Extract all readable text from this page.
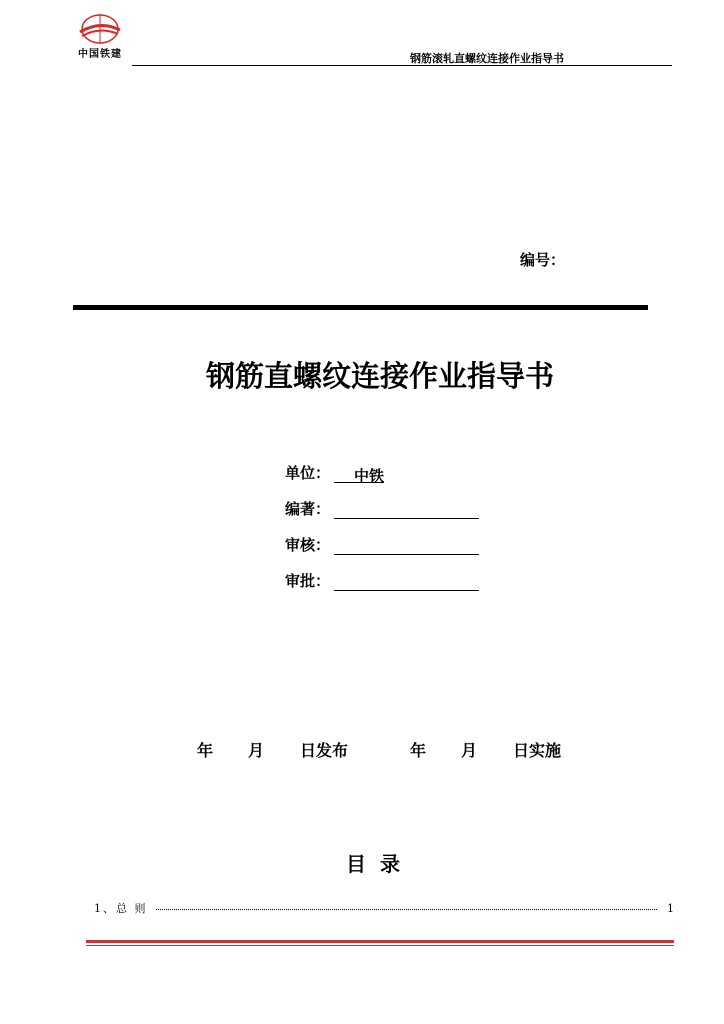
中国铁建	钢筋滚轧直螺纹连接作业指导书
编号：
钢筋直螺纹连接作业指导书
单位： 中铁
编著：
审核：
审批：
年 月 日发布	年 月 日实施
目录
1、总 则	1
